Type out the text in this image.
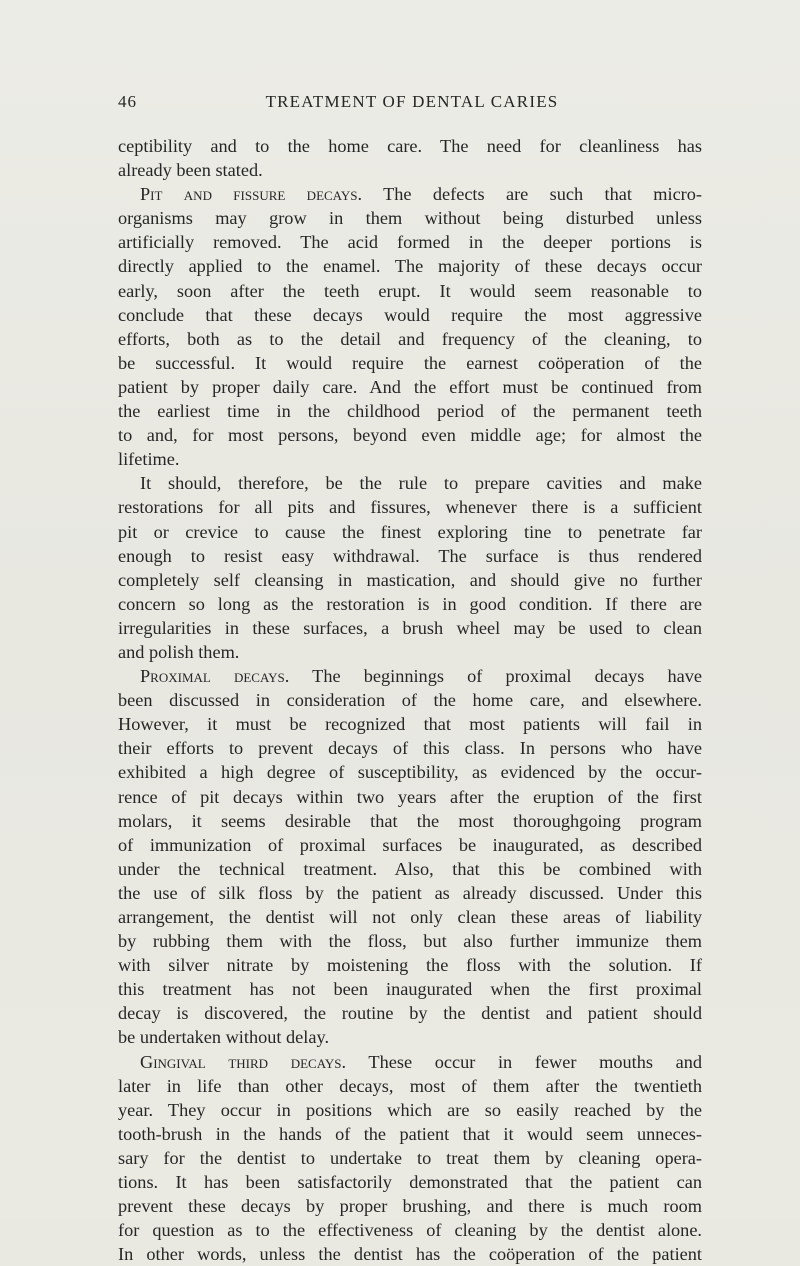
46	TREATMENT OF DENTAL CARIES
ceptibility and to the home care. The need for cleanliness has
already been stated.
Pit and fissure decays. The defects are such that micro-
organisms may grow in them without being disturbed unless
artificially removed. The acid formed in the deeper portions is
directly applied to the enamel. The majority of these decays occur
early, soon after the teeth erupt. It would seem reasonable to
conclude that these decays would require the most aggressive
efforts, both as to the detail and frequency of the cleaning, to
be successful. It would require the earnest coöperation of the
patient by proper daily care. And the effort must be continued from
the earliest time in the childhood period of the permanent teeth
to and, for most persons, beyond even middle age; for almost the
lifetime.
It should, therefore, be the rule to prepare cavities and make
restorations for all pits and fissures, whenever there is a sufficient
pit or crevice to cause the finest exploring tine to penetrate far
enough to resist easy withdrawal. The surface is thus rendered
completely self cleansing in mastication, and should give no further
concern so long as the restoration is in good condition. If there are
irregularities in these surfaces, a brush wheel may be used to clean
and polish them.
Proximal decays. The beginnings of proximal decays have
been discussed in consideration of the home care, and elsewhere.
However, it must be recognized that most patients will fail in
their efforts to prevent decays of this class. In persons who have
exhibited a high degree of susceptibility, as evidenced by the occur-
rence of pit decays within two years after the eruption of the first
molars, it seems desirable that the most thoroughgoing program
of immunization of proximal surfaces be inaugurated, as described
under the technical treatment. Also, that this be combined with
the use of silk floss by the patient as already discussed. Under this
arrangement, the dentist will not only clean these areas of liability
by rubbing them with the floss, but also further immunize them
with silver nitrate by moistening the floss with the solution. If
this treatment has not been inaugurated when the first proximal
decay is discovered, the routine by the dentist and patient should
be undertaken without delay.
Gingival third decays. These occur in fewer mouths and
later in life than other decays, most of them after the twentieth
year. They occur in positions which are so easily reached by the
tooth-brush in the hands of the patient that it would seem unneces-
sary for the dentist to undertake to treat them by cleaning opera-
tions. It has been satisfactorily demonstrated that the patient can
prevent these decays by proper brushing, and there is much room
for question as to the effectiveness of cleaning by the dentist alone.
In other words, unless the dentist has the coöperation of the patient
